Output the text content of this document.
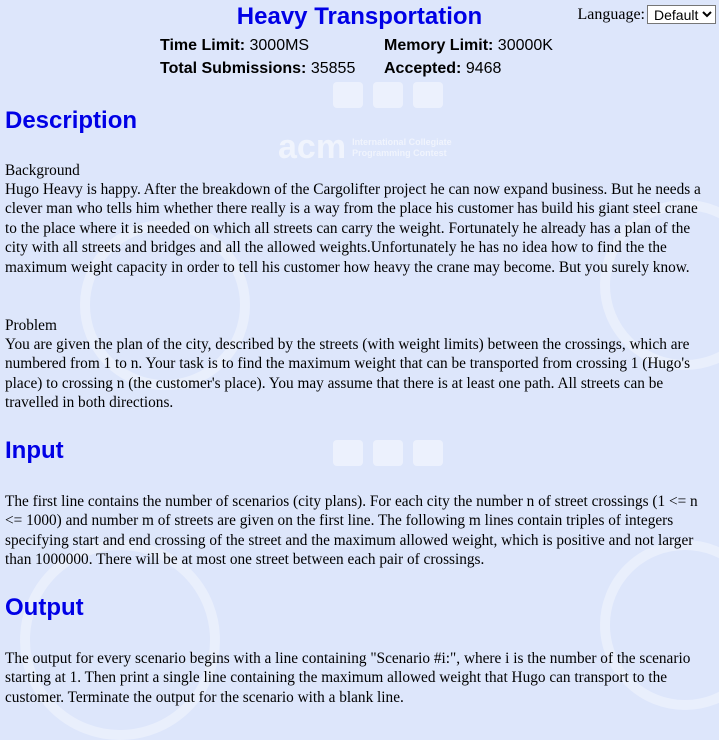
acm International Collegiate
Programming Contest
Language:
Default
Heavy Transportation
Time Limit: 3000MS	Memory Limit: 30000K
Total Submissions: 35855 Accepted: 9468
Description

Background

Hugo Heavy is happy. After the breakdown of the Cargolifter project he can now expand business. But he needs a clever man who tells him whether there really is a way from the place his customer has build his giant steel crane to the place where it is needed on which all streets can carry the weight. Fortunately he already has a plan of the city with all streets and bridges and all the allowed weights.Unfortunately he has no idea how to find the the maximum weight capacity in order to tell his customer how heavy the crane may become. But you surely know.

Problem

You are given the plan of the city, described by the streets (with weight limits) between the crossings, which are numbered from 1 to n. Your task is to find the maximum weight that can be transported from crossing 1 (Hugo's place) to crossing n (the customer's place). You may assume that there is at least one path. All streets can be travelled in both directions.

Input

The first line contains the number of scenarios (city plans). For each city the number n of street crossings (1 <= n <= 1000) and number m of streets are given on the first line. The following m lines contain triples of integers specifying start and end crossing of the street and the maximum allowed weight, which is positive and not larger than 1000000. There will be at most one street between each pair of crossings.

Output

The output for every scenario begins with a line containing "Scenario #i:", where i is the number of the scenario starting at 1. Then print a single line containing the maximum allowed weight that Hugo can transport to the customer. Terminate the output for the scenario with a blank line.
